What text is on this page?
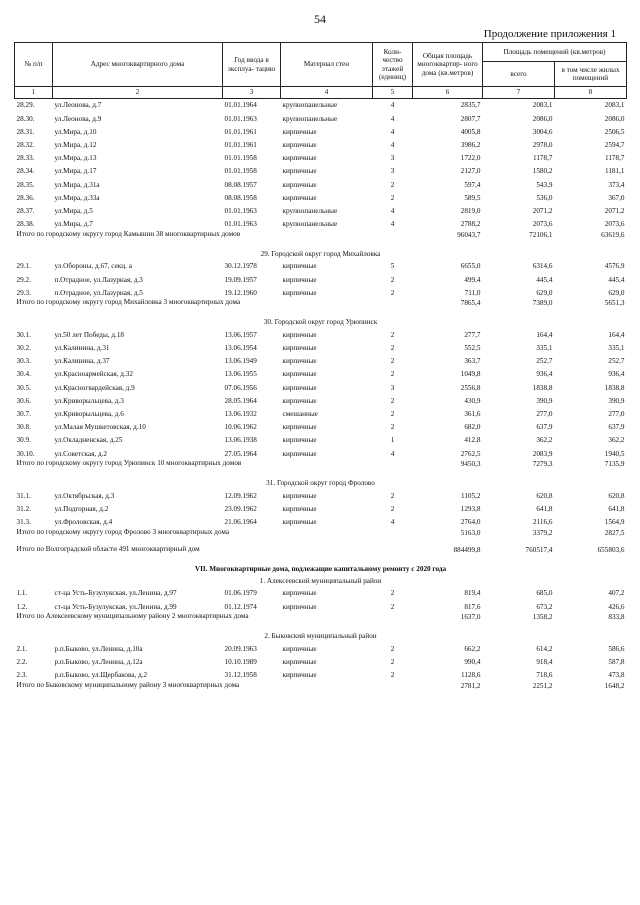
54
Продолжение приложения 1
№ п/п	Адрес многоквартирного дома	Год ввода в эксплуа- тацию	Материал стен	Коли- чество этажей (единиц)	Общая площадь многоквартир- ного дома (кв.метров)	Площадь помещений (кв.метров)	
						всего	в том числе жилых помещений
1	2	3	4	5	6	7	8
28.29.	ул.Леонова, д.7	01.01.1964	крупнопанельные	4	2835,7	2083,1	2083,1
28.30.	ул.Леонова, д.9	01.01.1963	крупнопанельные	4	2807,7	2086,0	2086,0
28.31.	ул.Мира, д.10	01.01.1961	кирпичные	4	4005,8	3004,6	2506,5
28.32.	ул.Мира, д.12	01.01.1961	кирпичные	4	3986,2	2978,0	2594,7
28.33.	ул.Мира, д.13	01.01.1958	кирпичные	3	1722,0	1178,7	1178,7
28.34.	ул.Мира, д.17	01.01.1958	кирпичные	3	2127,0	1580,2	1181,1
28.35.	ул.Мира, д.31а	08.08.1957	кирпичные	2	597,4	543,9	373,4
28.36.	ул.Мира, д.33а	08.08.1958	кирпичные	2	589,5	536,0	367,0
28.37.	ул.Мира, д.5	01.01.1963	крупнопанельные	4	2819,0	2071,2	2071,2
28.38.	ул.Мира, д.7	01.01.1963	крупнопанельные	4	2788,2	2073,6	2073,6
Итого по городскому округу город Камышин 38 многоквартирных домов					96043,7	72106,1	63619,6
29. Городской округ город Михайловка							
29.1.	ул.Обороны, д.67, секц. а	30.12.1978	кирпичные	5	6655,0	6314,6	4576,9
29.2.	п.Отрадное, ул.Лазурная, д.3	19.09.1957	кирпичные	2	499,4	445,4	445,4
29.3.	п.Отрадное, ул.Лазурная, д.5	19.12.1960	кирпичные	2	711,0	629,0	629,0
Итого по городскому округу город Михайловка 3 многоквартирных дома					7865,4	7389,0	5651,3
30. Городской округ город Урюпинск							
30.1.	ул.50 лет Победы, д.18	13.06.1957	кирпичные	2	277,7	164,4	164,4
30.2.	ул.Калинина, д.31	13.06.1954	кирпичные	2	552,5	335,1	335,1
30.3.	ул.Калинина, д.37	13.06.1949	кирпичные	2	363,7	252,7	252,7
30.4.	ул.Красноармейская, д.32	13.06.1955	кирпичные	2	1049,8	936,4	936,4
30.5.	ул.Красногвардейская, д.9	07.06.1956	кирпичные	3	2556,8	1838,8	1838,8
30.6.	ул.Криворыльцева, д.3	28.05.1964	кирпичные	2	430,9	390,9	390,9
30.7.	ул.Криворыльцева, д.6	13.06.1932	смешанные	2	361,6	277,0	277,0
30.8.	ул.Малая Мушкетовская, д.10	10.06.1962	кирпичные	2	682,0	637,9	637,9
30.9.	ул.Окладненская, д.25	13.06.1938	кирпичные	1	412,8	362,2	362,2
30.10.	ул.Советская, д.2	27.05.1964	кирпичные	4	2762,5	2083,9	1940,5
Итого по городскому округу город Урюпинск 10 многоквартирных домов					9450,3	7279,3	7135,9
31. Городской округ город Фролово							
31.1.	ул.Октябрьская, д.3	12.09.1962	кирпичные	2	1105,2	620,8	620,8
31.2.	ул.Подгорная, д.2	23.09.1962	кирпичные	2	1293,8	641,8	641,8
31.3.	ул.Фроловская, д.4	21.06.1964	кирпичные	4	2764,0	2116,6	1564,9
Итого по городскому округу город Фролово 3 многоквартирных дома					5163,0	3379,2	2827,5
Итого по Волгоградской области 491 многоквартирный дом					884499,8	760517,4	655803,6
VII. Многоквартирные дома, подлежащие капитальному ремонту с 2020 года							
1. Алексеевский муниципальный район							
1.1.	ст-ца Усть-Бузулукская, ул.Ленина, д.97	01.06.1979	кирпичные	2	819,4	685,0	407,2
1.2.	ст-ца Усть-Бузулукская, ул.Ленина, д.99	01.12.1974	кирпичные	2	817,6	673,2	426,6
Итого по Алексеевскому муниципальному району 2 многоквартирных дома					1637,0	1358,2	833,8
2. Быковский муниципальный район							
2.1.	р.п.Быково, ул.Ленина, д.10а	20.09.1963	кирпичные	2	662,2	614,2	586,6
2.2.	р.п.Быково, ул.Ленина, д.12а	10.10.1989	кирпичные	2	990,4	918,4	587,8
2.3.	р.п.Быково, ул.Щербакова, д.2	31.12.1958	кирпичные	2	1128,6	718,6	473,8
Итого по Быковскому муниципальному району 3 многоквартирных дома					2781,2	2251,2	1648,2
